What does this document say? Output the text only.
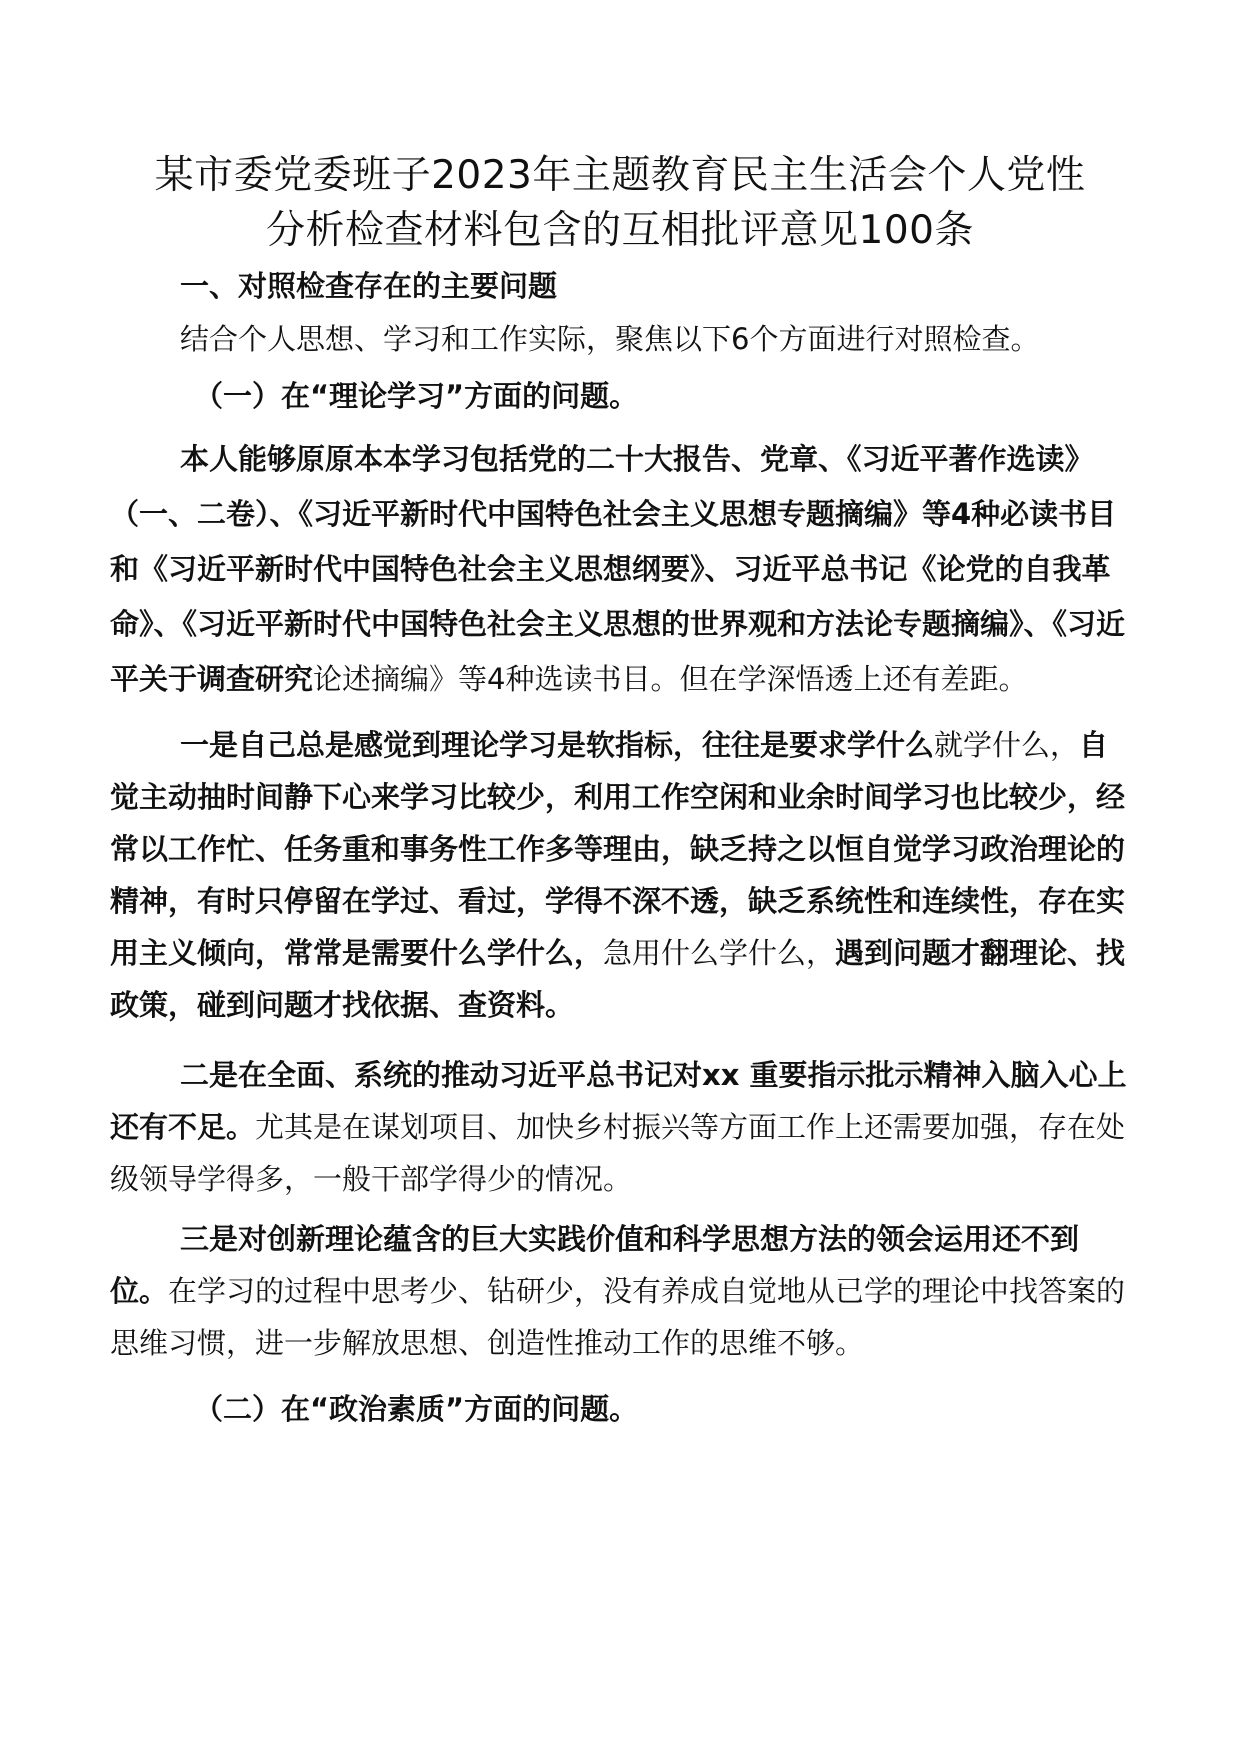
某市委党委班子2023年主题教育民主生活会个人党性
分析检查材料包含的互相批评意见100条

一、对照检查存在的主要问题

结合个人思想、学习和工作实际，聚焦以下6个方面进行对照检查。

（一）在“理论学习”方面的问题。

本人能够原原本本学习包括党的二十大报告、党章、《习近平著作选读》（一、二卷）、《习近平新时代中国特色社会主义思想专题摘编》等4种必读书目和《习近平新时代中国特色社会主义思想纲要》、习近平总书记《论党的自我革命》、《习近平新时代中国特色社会主义思想的世界观和方法论专题摘编》、《习近平关于调查研究论述摘编》等4种选读书目。但在学深悟透上还有差距。

一是自己总是感觉到理论学习是软指标，往往是要求学什么就学什么，自觉主动抽时间静下心来学习比较少，利用工作空闲和业余时间学习也比较少，经常以工作忙、任务重和事务性工作多等理由，缺乏持之以恒自觉学习政治理论的精神，有时只停留在学过、看过，学得不深不透，缺乏系统性和连续性，存在实用主义倾向，常常是需要什么学什么，急用什么学什么，遇到问题才翻理论、找政策，碰到问题才找依据、查资料。

二是在全面、系统的推动习近平总书记对xx 重要指示批示精神入脑入心上还有不足。尤其是在谋划项目、加快乡村振兴等方面工作上还需要加强，存在处级领导学得多，一般干部学得少的情况。

三是对创新理论蕴含的巨大实践价值和科学思想方法的领会运用还不到位。在学习的过程中思考少、钻研少，没有养成自觉地从已学的理论中找答案的思维习惯，进一步解放思想、创造性推动工作的思维不够。

（二）在“政治素质”方面的问题。
